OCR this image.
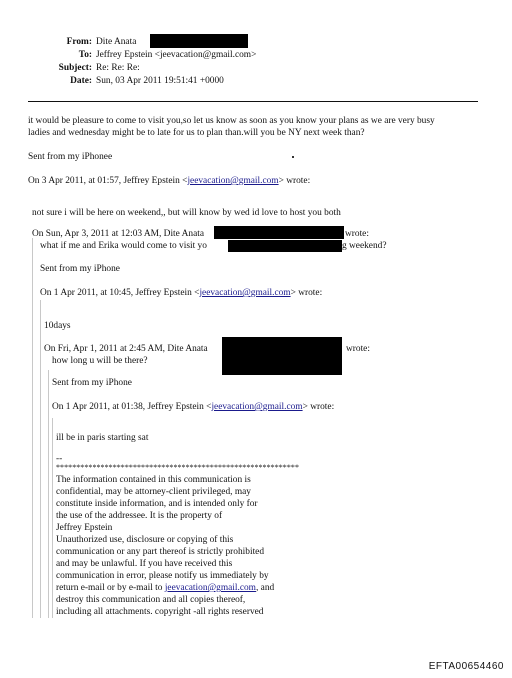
From: Dite Anata
To: Jeffrey Epstein <jeevacation@gmail.com>
Subject: Re: Re: Re:
Date: Sun, 03 Apr 2011 19:51:41 +0000
it would be pleasure to come to visit you,so let us know as soon as you know your plans as we are very busy
ladies and wednesday might be to late for us to plan than.will you be NY next week than?
Sent from my iPhonee
On 3 Apr 2011, at 01:57, Jeffrey Epstein <jeevacation@gmail.com> wrote:
not sure i will be here on weekend,, but will know by wed id love to host you both
On Sun, Apr 3, 2011 at 12:03 AM, Dite Anata	wrote:
what if me and Erika would come to visit yo	g weekend?
Sent from my iPhone
On 1 Apr 2011, at 10:45, Jeffrey Epstein <jeevacation@gmail.com> wrote:
10days
On Fri, Apr 1, 2011 at 2:45 AM, Dite Anata	wrote:
how long u will be there?
Sent from my iPhone
On 1 Apr 2011, at 01:38, Jeffrey Epstein <jeevacation@gmail.com> wrote:
ill be in paris starting sat
--
************************************************************
The information contained in this communication is
confidential, may be attorney-client privileged, may
constitute inside information, and is intended only for
the use of the addressee. It is the property of
Jeffrey Epstein
Unauthorized use, disclosure or copying of this
communication or any part thereof is strictly prohibited
and may be unlawful. If you have received this
communication in error, please notify us immediately by
return e-mail or by e-mail to jeevacation@gmail.com, and
destroy this communication and all copies thereof,
including all attachments. copyright -all rights reserved
EFTA00654460
